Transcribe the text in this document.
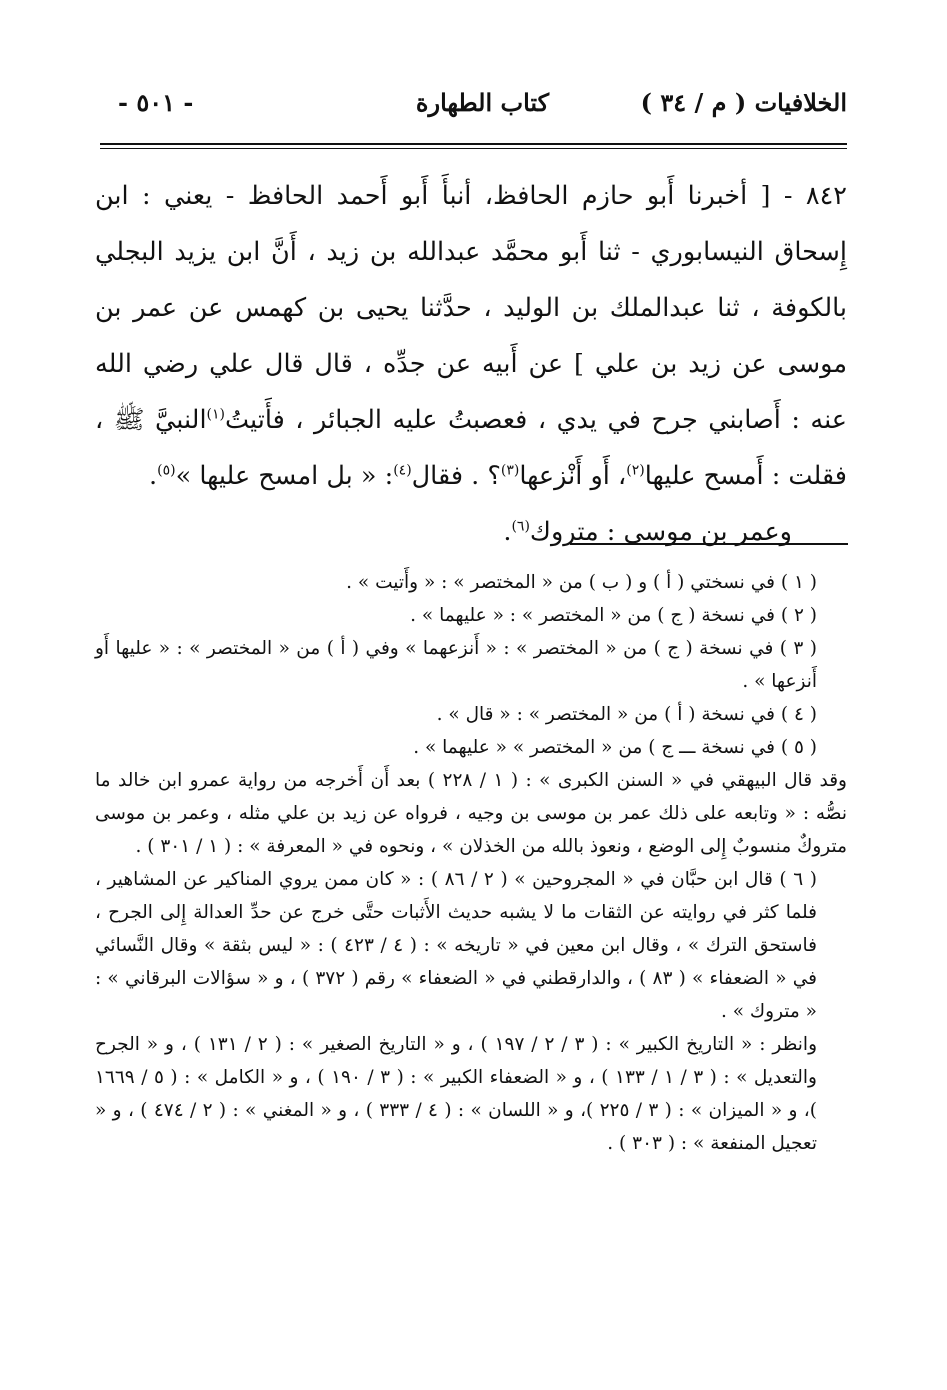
الخلافيات ( م / ٣٤ )
كتاب الطهارة
- ٥٠١ -

٨٤٢ - [ أخبرنا أَبو حازم الحافظ، أنبأَ أَبو أَحمد الحافظ - يعني : ابن إِسحاق النيسابوري - ثنا أَبو محمَّد عبدالله بن زيد ، أَنَّ ابن يزيد البجلي بالكوفة ، ثنا عبدالملك بن الوليد ، حدَّثنا يحيى بن كهمس عن عمر بن موسى عن زيد بن علي ] عن أَبيه عن جدِّه ، قال قال علي رضي الله عنه : أَصابني جرح في يدي ، فعصبتُ عليه الجبائر ، فأَتيتُ$^{(١)}$النبيَّ ﷺ ، فقلت : أَمسح عليها$^{(٢)}$، أَو أَنْزعها$^{(٣)}$؟ . فقال$^{(٤)}$: « بل امسح عليها »$^{(٥)}$.

وعمر بن موسى : متروك$^{(٦)}$.

( ١ ) في نسختي ( أ ) و ( ب ) من « المختصر » : « وأَتيت » .

( ٢ ) في نسخة ( ج ) من « المختصر » : « عليهما » .

( ٣ ) في نسخة ( ج ) من « المختصر » : « أَنزعهما » وفي ( أ ) من « المختصر » : « عليها أَو أَنزعها » .

( ٤ ) في نسخة ( أ ) من « المختصر » : « قال » .

( ٥ ) في نسخة ـــ ج ) من « المختصر » « عليهما » .

وقد قال البيهقي في « السنن الكبرى » : ( ١ / ٢٢٨ ) بعد أَن أَخرجه من رواية عمرو ابن خالد ما نصُّه : « وتابعه على ذلك عمر بن موسى بن وجيه ، فرواه عن زيد بن علي مثله ، وعمر بن موسى متروكٌ منسوبٌ إِلى الوضع ، ونعوذ بالله من الخذلان » ، ونحوه في « المعرفة » : ( ١ / ٣٠١ ) .

( ٦ ) قال ابن حبَّان في « المجروحين » ( ٢ / ٨٦ ) : « كان ممن يروي المناكير عن المشاهير ، فلما كثر في روايته عن الثقات ما لا يشبه حديث الأَثبات حتَّى خرج عن حدِّ العدالة إِلى الجرح ، فاستحق الترك » ، وقال ابن معين في « تاريخه » : ( ٤ / ٤٢٣ ) : « ليس بثقة » وقال النَّسائي في « الضعفاء » ( ٨٣ ) ، والدارقطني في « الضعفاء » رقم ( ٣٧٢ ) ، و « سؤالات البرقاني » : « متروك » .

وانظر : « التاريخ الكبير » : ( ٣ / ٢ / ١٩٧ ) ، و « التاريخ الصغير » : ( ٢ / ١٣١ ) ، و « الجرح والتعديل » : ( ٣ / ١ / ١٣٣ ) ، و « الضعفاء الكبير » : ( ٣ / ١٩٠ ) ، و « الكامل » : ( ٥ / ١٦٦٩ )، و « الميزان » : ( ٣ / ٢٢٥ )، و « اللسان » : ( ٤ / ٣٣٣ ) ، و « المغني » : ( ٢ / ٤٧٤ ) ، و « تعجيل المنفعة » : ( ٣٠٣ ) .
